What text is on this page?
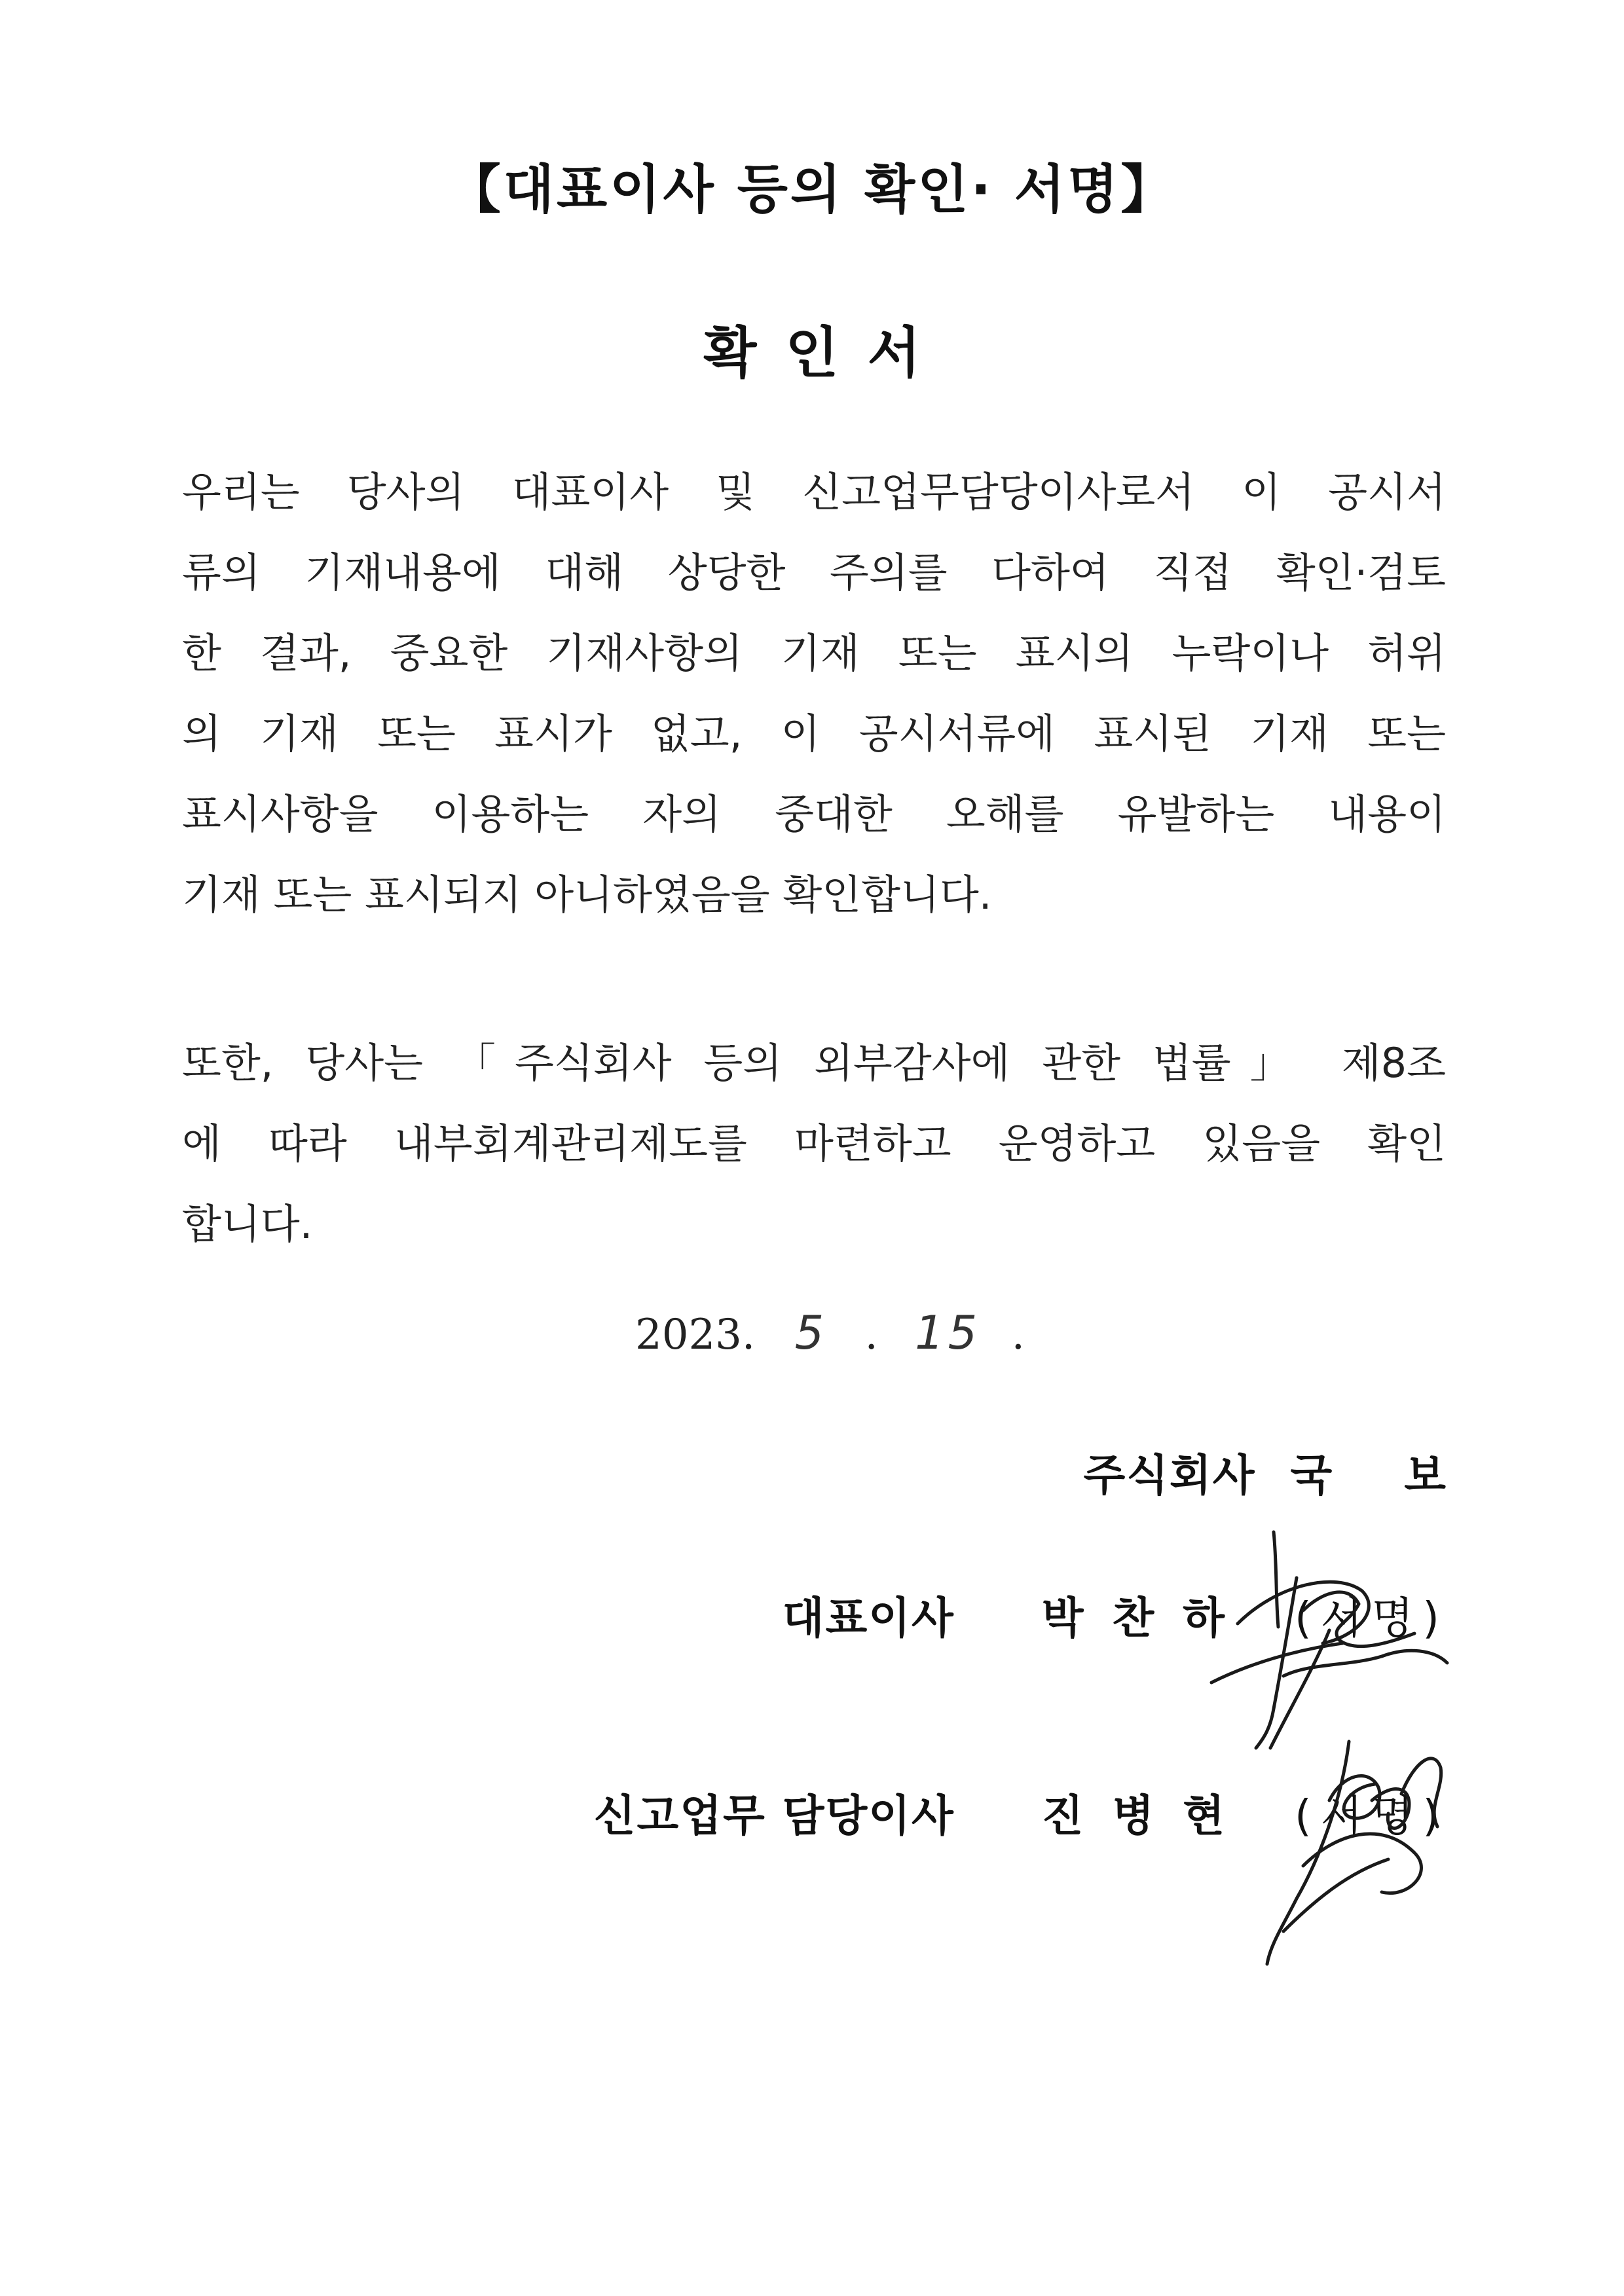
【대표이사 등의 확인· 서명】
확인서
우리는 당사의 대표이사 및 신고업무담당이사로서 이 공시서
류의 기재내용에 대해 상당한 주의를 다하여 직접 확인·검토
한 결과, 중요한 기재사항의 기재 또는 표시의 누락이나 허위
의 기재 또는 표시가 없고, 이 공시서류에 표시된 기재 또는
표시사항을 이용하는 자의 중대한 오해를 유발하는 내용이
기재 또는 표시되지 아니하였음을 확인합니다.
또한, 당사는 「주식회사 등의 외부감사에 관한 법률」 제8조
에 따라 내부회계관리제도를 마련하고 운영하고 있음을 확인
합니다.
2023. 5 . 15 .
주식회사 국보
대표이사 박찬하 (서명)
신고업무 담당이사 진병현 (서명)
